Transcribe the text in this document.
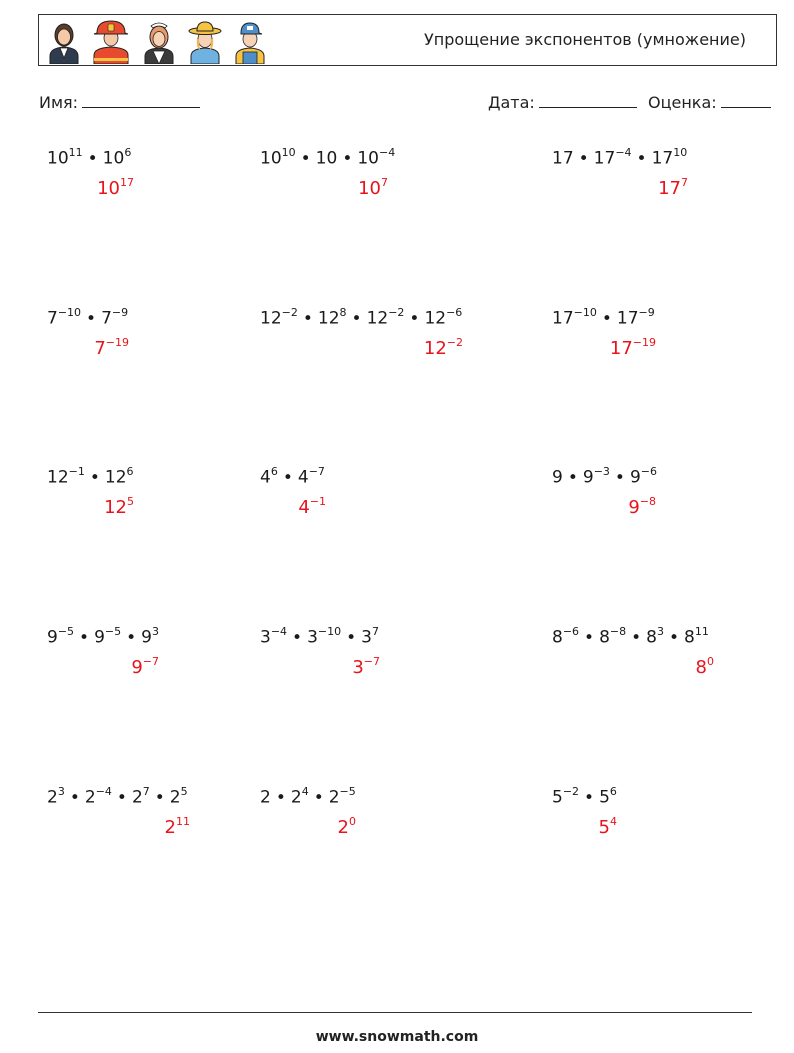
Упрощение экспонентов (умножение)
Имя:	Дата:	Оценка:
$10^{11}$ • $10^6$
$10^{17}$
$10^{10}$ • 10 • $10^{-4}$
$10^7$
17 • $17^{-4}$ • $17^{10}$
$17^7$
$7^{-10}$ • $7^{-9}$
$7^{-19}$
$12^{-2}$ • $12^8$ • $12^{-2}$ • $12^{-6}$
$12^{-2}$
$17^{-10}$ • $17^{-9}$
$17^{-19}$
$12^{-1}$ • $12^6$
$12^5$
$4^6$ • $4^{-7}$
$4^{-1}$
9 • $9^{-3}$ • $9^{-6}$
$9^{-8}$
$9^{-5}$ • $9^{-5}$ • $9^3$
$9^{-7}$
$3^{-4}$ • $3^{-10}$ • $3^7$
$3^{-7}$
$8^{-6}$ • $8^{-8}$ • $8^3$ • $8^{11}$
$8^0$
$2^3$ • $2^{-4}$ • $2^7$ • $2^5$
$2^{11}$
2 • $2^4$ • $2^{-5}$
$2^0$
$5^{-2}$ • $5^6$
$5^4$
www.snowmath.com
